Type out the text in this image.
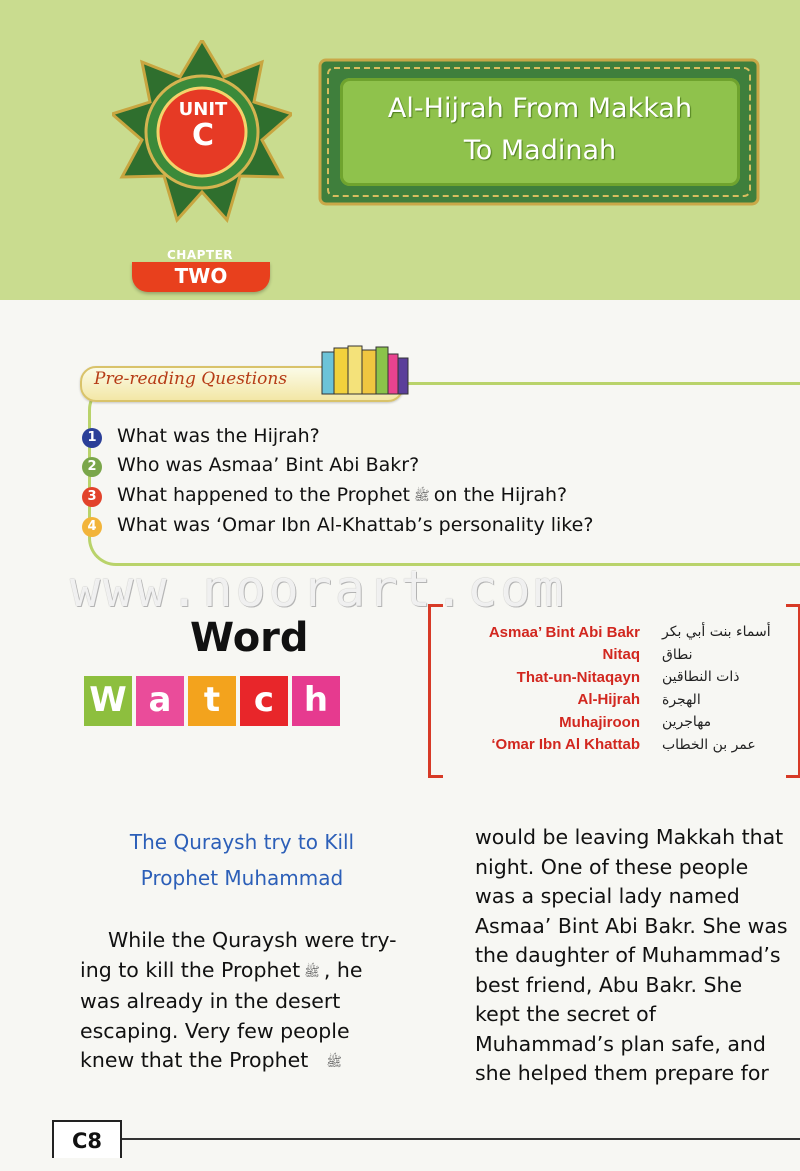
UNIT
C
CHAPTER
TWO
Al-Hijrah From Makkah
To Madinah
Pre-reading Questions
1 What was the Hijrah?
2 Who was Asmaa’ Bint Abi Bakr?
3 What happened to the Prophet ﷺ on the Hijrah?
4 What was ‘Omar Ibn Al-Khattab’s personality like?
www.noorart.com
Word
W a t c h
Asmaa’ Bint Abi Bakr	أسماء بنت أبي بكر
Nitaq	نطاق
That-un-Nitaqayn	ذات النطاقين
Al-Hijrah	الهجرة
Muhajiroon	مهاجرين
‘Omar Ibn Al Khattab	عمر بن الخطاب
The Quraysh try to Kill
Prophet Muhammad
While the Quraysh were try-
ing to kill the Prophet ﷺ , he
was already in the desert
escaping. Very few people
knew that the Prophet ﷺ
would be leaving Makkah that
night. One of these people
was a special lady named
Asmaa’ Bint Abi Bakr. She was
the daughter of Muhammad’s
best friend, Abu Bakr. She
kept the secret of
Muhammad’s plan safe, and
she helped them prepare for
C8
